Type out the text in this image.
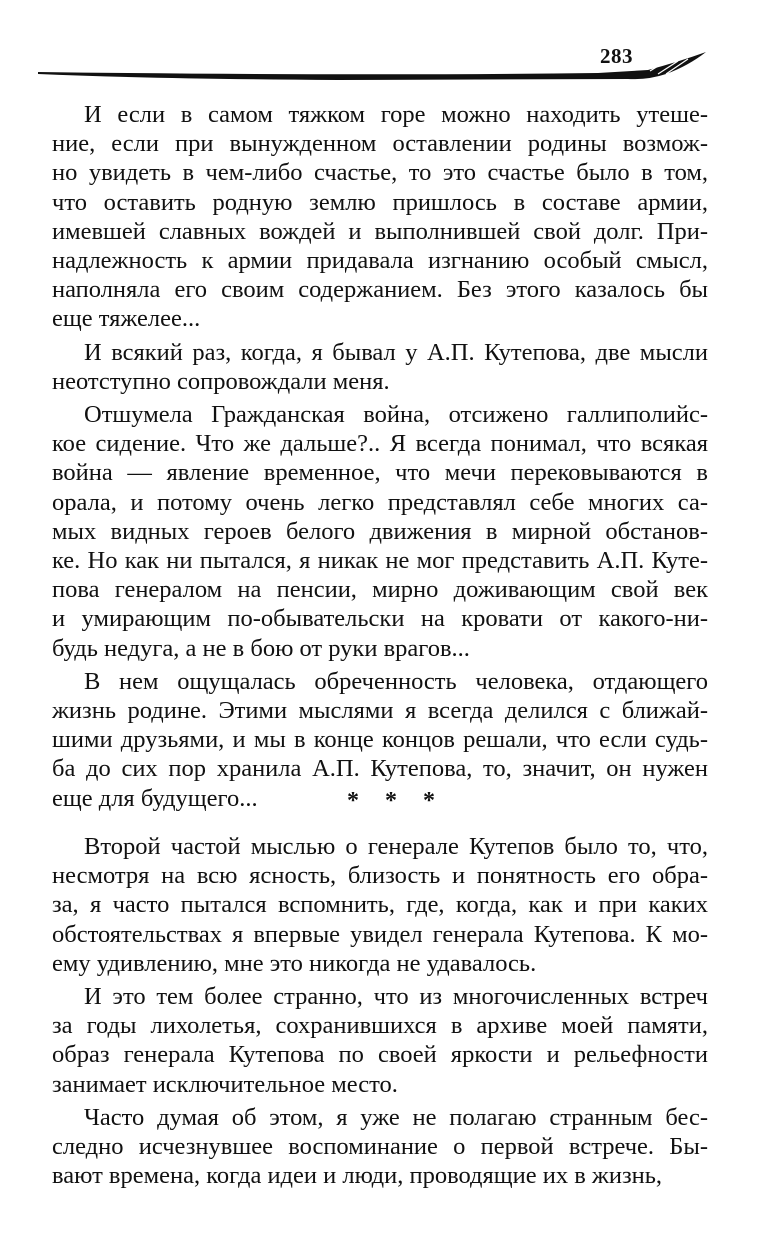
283
И если в самом тяжком горе можно находить утеше-
ние, если при вынужденном оставлении родины возмож-
но увидеть в чем-либо счастье, то это счастье было в том,
что оставить родную землю пришлось в составе армии,
имевшей славных вождей и выполнившей свой долг. При-
надлежность к армии придавала изгнанию особый смысл,
наполняла его своим содержанием. Без этого казалось бы
еще тяжелее...
И всякий раз, когда, я бывал у А.П. Кутепова, две мысли
неотступно сопровождали меня.
Отшумела Гражданская война, отсижено галлиполийс-
кое сидение. Что же дальше?.. Я всегда понимал, что всякая
война — явление временное, что мечи перековываются в
орала, и потому очень легко представлял себе многих са-
мых видных героев белого движения в мирной обстанов-
ке. Но как ни пытался, я никак не мог представить А.П. Куте-
пова генералом на пенсии, мирно доживающим свой век
и умирающим по-обывательски на кровати от какого-ни-
будь недуга, а не в бою от руки врагов...
В нем ощущалась обреченность человека, отдающего
жизнь родине. Этими мыслями я всегда делился с ближай-
шими друзьями, и мы в конце концов решали, что если судь-
ба до сих пор хранила А.П. Кутепова, то, значит, он нужен
еще для будущего...	* * *
Второй частой мыслью о генерале Кутепов было то, что,
несмотря на всю ясность, близость и понятность его обра-
за, я часто пытался вспомнить, где, когда, как и при каких
обстоятельствах я впервые увидел генерала Кутепова. К мо-
ему удивлению, мне это никогда не удавалось.
И это тем более странно, что из многочисленных встреч
за годы лихолетья, сохранившихся в архиве моей памяти,
образ генерала Кутепова по своей яркости и рельефности
занимает исключительное место.
Часто думая об этом, я уже не полагаю странным бес-
следно исчезнувшее воспоминание о первой встрече. Бы-
вают времена, когда идеи и люди, проводящие их в жизнь,
